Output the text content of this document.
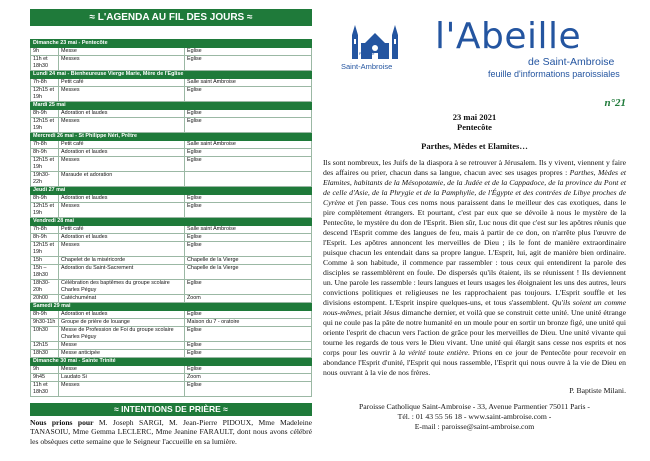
≈ L'AGENDA AU FIL DES JOURS ≈
Dimanche 23 mai - Pentecôte		
9h	Messe	Eglise
11h et 18h30	Messes	Eglise
Lundi 24 mai - Bienheureuse Vierge Marie, Mère de l'Eglise		
7h-8h	Petit café	Salle saint Ambroise
12h15 et 19h	Messes	Eglise
Mardi 25 mai		
8h-9h	Adoration et laudes	Eglise
12h15 et 19h	Messes	Eglise
Mercredi 26 mai - St Philippe Néri, Prêtre		
7h-8h	Petit café	Salle saint Ambroise
8h-9h	Adoration et laudes	Eglise
12h15 et 19h	Messes	Eglise
19h30-22h	Maraude et adoration	
Jeudi 27 mai		
8h-9h	Adoration et laudes	Eglise
12h15 et 19h	Messes	Eglise
Vendredi 28 mai		
7h-8h	Petit café	Salle saint Ambroise
8h-9h	Adoration et laudes	Eglise
12h15 et 19h	Messes	Eglise
15h	Chapelet de la miséricorde	Chapelle de la Vierge
15h – 18h30	Adoration du Saint-Sacrement	Chapelle de la Vierge
18h30-20h	Célébration des baptêmes du groupe scolaire Charles Péguy	Eglise
20h00	Catéchuménat	Zoom
Samedi 29 mai		
8h-9h	Adoration et laudes	Eglise
9h30-11h	Groupe de prière de louange	Maison du 7 - oratoire
10h30	Messe de Profession de Foi du groupe scolaire Charles Péguy	Eglise
12h15	Messe	Eglise
18h30	Messe anticipée	Eglise
Dimanche 30 mai - Sainte Trinité		
9h	Messe	Eglise
9h45	Laudato Si	Zoom
11h et 18h30	Messes	Eglise
≈ INTENTIONS DE PRIÈRE ≈

Nous prions pour M. Joseph SARGI, M. Jean-Pierre PIDOUX, Mme Madeleine TANASOIU, Mme Gemma LECLERC, Mme Jeanine FARAULT, dont nous avons célébré les obsèques cette semaine que le Seigneur l'accueille en sa lumière.

Paroisse
Saint-Ambroise
l'Abeille
de Saint-Ambroise
feuille d'informations paroissiales
n°21
23 mai 2021
Pentecôte
Parthes, Mèdes et Elamites…

Ils sont nombreux, les Juifs de la diaspora à se retrouver à Jérusalem. Ils y vivent, viennent y faire des affaires ou prier, chacun dans sa langue, chacun avec ses usages propres : Parthes, Mèdes et Elamites, habitants de la Mésopotamie, de la Judée et de la Cappadoce, de la province du Pont et de celle d'Asie, de la Phrygie et de la Pamphylie, de l'Égypte et des contrées de Libye proches de Cyrène et j'en passe. Tous ces noms nous paraissent dans le meilleur des cas exotiques, dans le pire complètement étrangers. Et pourtant, c'est par eux que se dévoile à nous le mystère de la Pentecôte, le mystère du don de l'Esprit. Bien sûr, Luc nous dit que c'est sur les apôtres réunis que descend l'Esprit comme des langues de feu, mais à partir de ce don, on n'arrête plus l'œuvre de l'Esprit. Les apôtres annoncent les merveilles de Dieu ; ils le font de manière extraordinaire puisque chacun les entendait dans sa propre langue. L'Esprit, lui, agit de manière bien ordinaire. Comme à son habitude, il commence par rassembler : tous ceux qui entendirent la parole des disciples se rassemblèrent en foule. De dispersés qu'ils étaient, ils se réunissent ! Ils deviennent un. Une parole les rassemble : leurs langues et leurs usages les éloignaient les uns des autres, leurs convictions politiques et religieuses ne les rapprochaient pas toujours. L'Esprit souffle et les divisions estompent. L'Esprit inspire quelques-uns, et tous s'assemblent. Qu'ils soient un comme nous-mêmes, priait Jésus dimanche dernier, et voilà que se construit cette unité. Une unité étrange qui ne coule pas la pâte de notre humanité en un moule pour en sortir un bronze figé, une unité qui oriente l'esprit de chacun vers l'action de grâce pour les merveilles de Dieu. Une unité vivante qui tourne les regards de tous vers le Dieu vivant. Une unité qui élargit sans cesse nos esprits et nos corps pour les ouvrir à la vérité toute entière. Prions en ce jour de Pentecôte pour recevoir en abondance l'Esprit d'unité, l'Esprit qui nous rassemble, l'Esprit qui nous ouvre à la vie de Dieu en nous ouvrant à la vie de nos frères.

P. Baptiste Milani.
Paroisse Catholique Saint-Ambroise - 33, Avenue Parmentier 75011 Paris -
Tél. : 01 43 55 56 18 - www.saint-ambroise.com -
E-mail : paroisse@saint-ambroise.com
